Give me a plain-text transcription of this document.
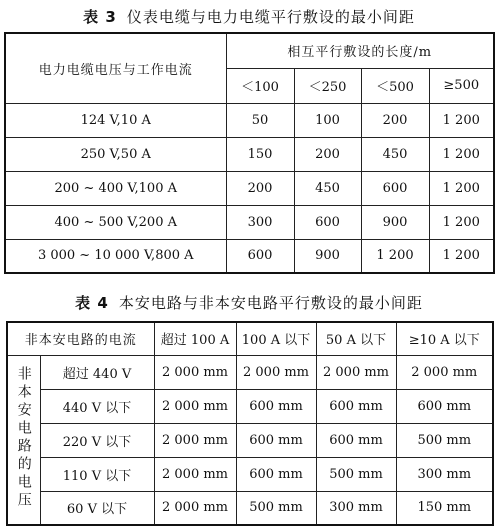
表 3 仪表电缆与电力电缆平行敷设的最小间距
电力电缆电压与工作电流	相互平行敷设的长度/m			
	＜100	＜250	＜500	≥500
124 V,10 A	50	100	200	1 200
250 V,50 A	150	200	450	1 200
200 ~ 400 V,100 A	200	450	600	1 200
400 ~ 500 V,200 A	300	600	900	1 200
3 000 ~ 10 000 V,800 A	600	900	1 200	1 200
表 4 本安电路与非本安电路平行敷设的最小间距
非本安电路的电流		超过 100 A	100 A 以下	50 A 以下	≥10 A 以下
非本安电路的电压	超过 440 V	2 000 mm	2 000 mm	2 000 mm	2 000 mm
	440 V 以下	2 000 mm	600 mm	600 mm	600 mm
	220 V 以下	2 000 mm	600 mm	600 mm	500 mm
	110 V 以下	2 000 mm	600 mm	500 mm	300 mm
	60 V 以下	2 000 mm	500 mm	300 mm	150 mm
